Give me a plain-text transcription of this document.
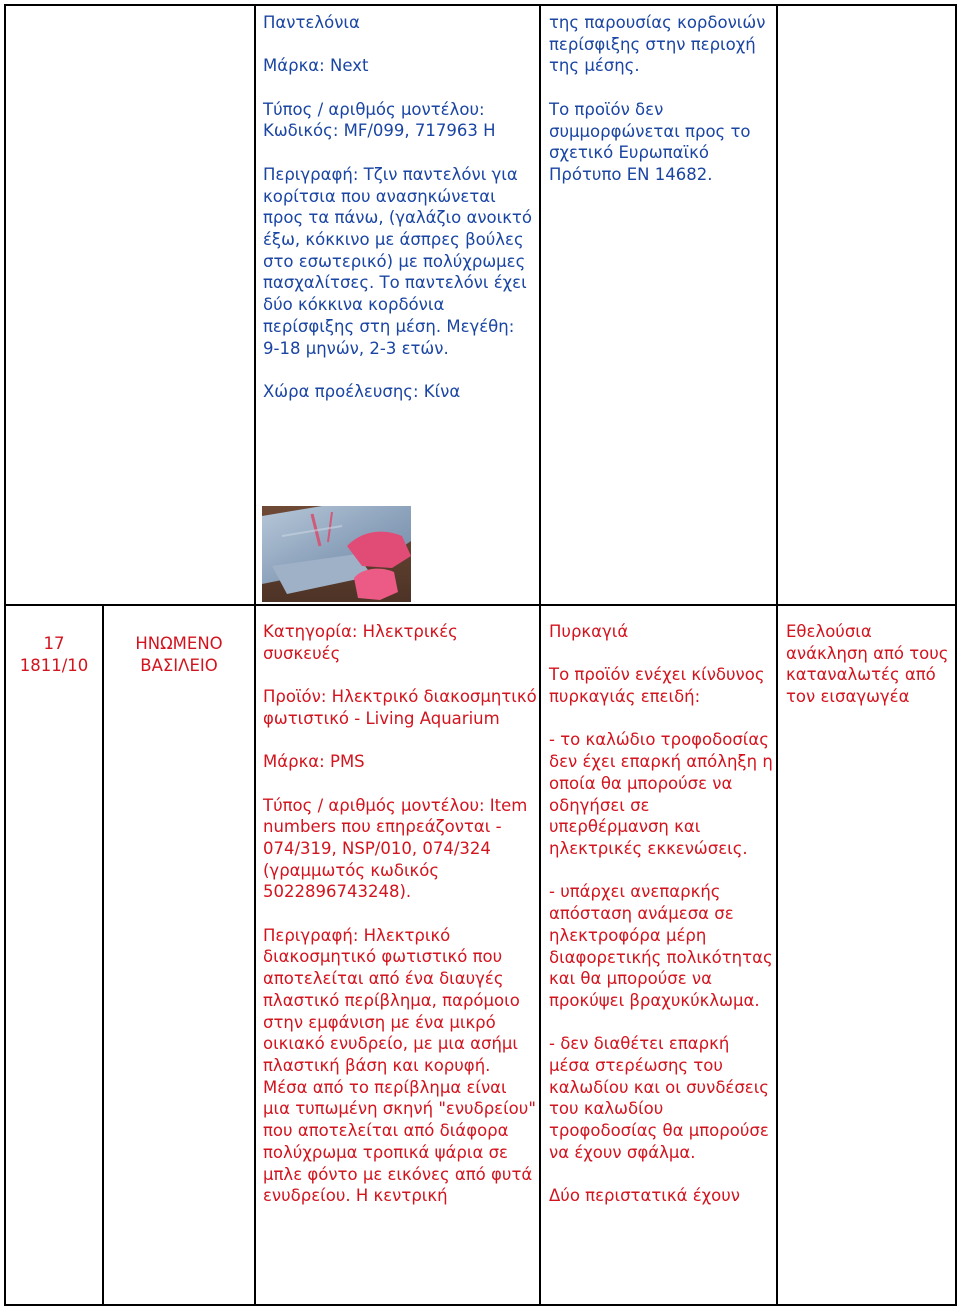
Παντελόνια

Μάρκα: Next

Τύπος / αριθμός μοντέλου: Κωδικός: MF/099, 717963 H

Περιγραφή: Τζιν παντελόνι για κορίτσια που ανασηκώνεται προς τα πάνω, (γαλάζιο ανοικτό έξω, κόκκινο με άσπρες βούλες στο εσωτερικό) με πολύχρωμες πασχαλίτσες. Το παντελόνι έχει δύο κόκκινα κορδόνια περίσφιξης στη μέση. Μεγέθη: 9-18 μηνών, 2-3 ετών.

Χώρα προέλευσης: Κίνα

της παρουσίας κορδονιών περίσφιξης στην περιοχή της μέσης.

Το προϊόν δεν συμμορφώνεται προς το σχετικό Ευρωπαϊκό Πρότυπο ΕΝ 14682.

17

1811/10

ΗΝΩΜΕΝΟ ΒΑΣΙΛΕΙΟ

Κατηγορία: Ηλεκτρικές συσκευές

Προϊόν: Ηλεκτρικό διακοσμητικό φωτιστικό - Living Aquarium

Μάρκα: PMS

Τύπος / αριθμός μοντέλου: Item numbers που επηρεάζονται - 074/319, NSP/010, 074/324 (γραμμωτός κωδικός 5022896743248).

Περιγραφή: Ηλεκτρικό διακοσμητικό φωτιστικό που αποτελείται από ένα διαυγές πλαστικό περίβλημα, παρόμοιο στην εμφάνιση με ένα μικρό οικιακό ενυδρείο, με μια ασήμι πλαστική βάση και κορυφή. Μέσα από το περίβλημα είναι μια τυπωμένη σκηνή "ενυδρείου" που αποτελείται από διάφορα πολύχρωμα τροπικά ψάρια σε μπλε φόντο με εικόνες από φυτά ενυδρείου. Η κεντρική

Πυρκαγιά

Το προϊόν ενέχει κίνδυνος πυρκαγιάς επειδή:

- το καλώδιο τροφοδοσίας δεν έχει επαρκή απόληξη η οποία θα μπορούσε να οδηγήσει σε υπερθέρμανση και ηλεκτρικές εκκενώσεις.

- υπάρχει ανεπαρκής απόσταση ανάμεσα σε ηλεκτροφόρα μέρη διαφορετικής πολικότητας και θα μπορούσε να προκύψει βραχυκύκλωμα.

- δεν διαθέτει επαρκή μέσα στερέωσης του καλωδίου και οι συνδέσεις του καλωδίου τροφοδοσίας θα μπορούσε να έχουν σφάλμα.

Δύο περιστατικά έχουν

Εθελούσια ανάκληση από τους καταναλωτές από τον εισαγωγέα
